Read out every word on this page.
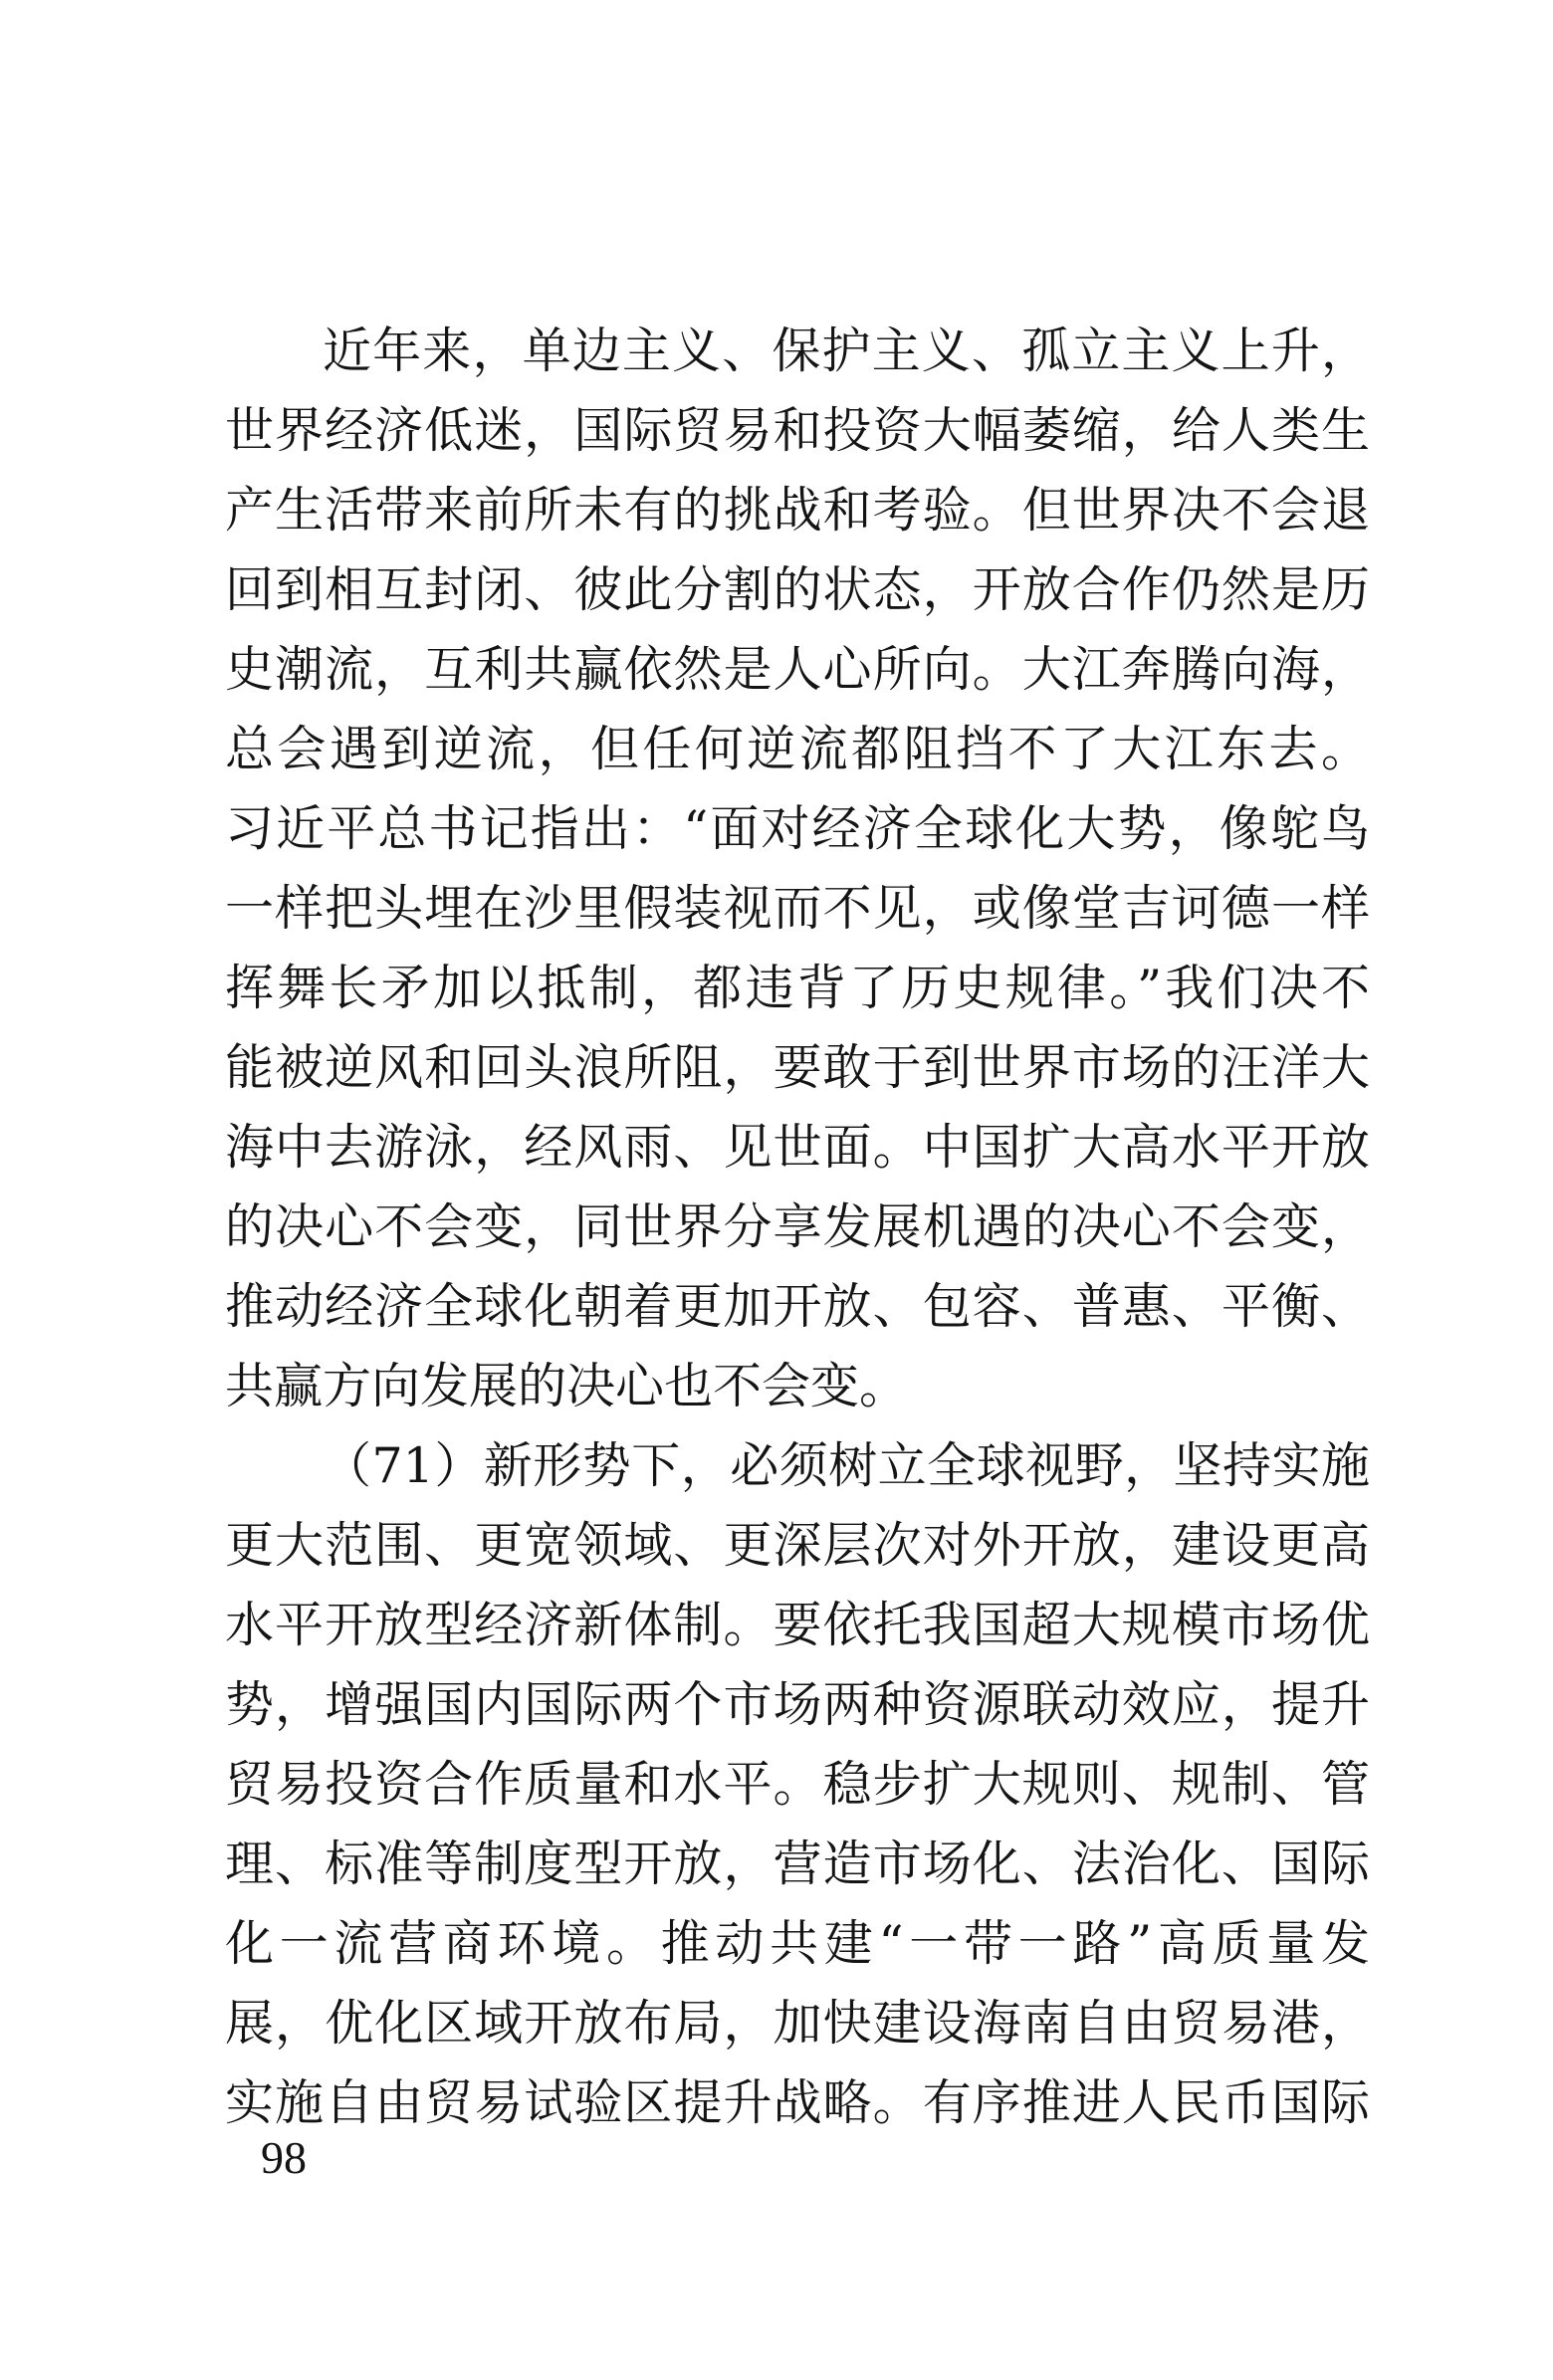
近年来，单边主义、保护主义、孤立主义上升，
世界经济低迷，国际贸易和投资大幅萎缩，给人类生
产生活带来前所未有的挑战和考验。但世界决不会退
回到相互封闭、彼此分割的状态，开放合作仍然是历
史潮流，互利共赢依然是人心所向。大江奔腾向海，
总会遇到逆流，但任何逆流都阻挡不了大江东去。
习近平总书记指出：“面对经济全球化大势，像鸵鸟
一样把头埋在沙里假装视而不见，或像堂吉诃德一样
挥舞长矛加以抵制，都违背了历史规律。”我们决不
能被逆风和回头浪所阻，要敢于到世界市场的汪洋大
海中去游泳，经风雨、见世面。中国扩大高水平开放
的决心不会变，同世界分享发展机遇的决心不会变，
推动经济全球化朝着更加开放、包容、普惠、平衡、
共赢方向发展的决心也不会变。
（71）新形势下，必须树立全球视野，坚持实施
更大范围、更宽领域、更深层次对外开放，建设更高
水平开放型经济新体制。要依托我国超大规模市场优
势，增强国内国际两个市场两种资源联动效应，提升
贸易投资合作质量和水平。稳步扩大规则、规制、管
理、标准等制度型开放，营造市场化、法治化、国际
化一流营商环境。推动共建“一带一路”高质量发
展，优化区域开放布局，加快建设海南自由贸易港，
实施自由贸易试验区提升战略。有序推进人民币国际
98
